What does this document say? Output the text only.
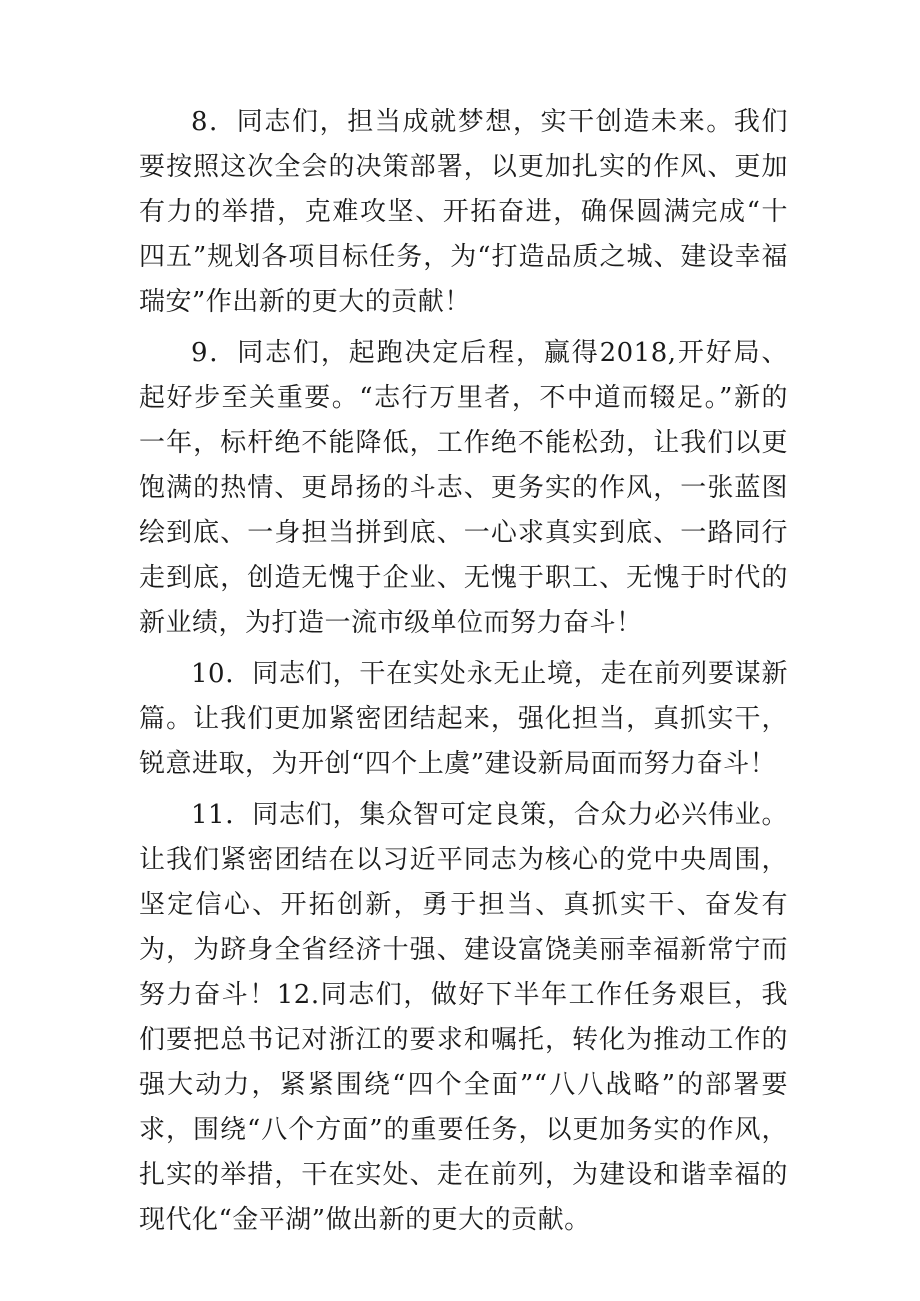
8．同志们，担当成就梦想，实干创造未来。我们要按照这次全会的决策部署，以更加扎实的作风、更加有力的举措，克难攻坚、开拓奋进，确保圆满完成“十四五”规划各项目标任务，为“打造品质之城、建设幸福瑞安”作出新的更大的贡献！

9．同志们，起跑决定后程，赢得2018,开好局、起好步至关重要。“志行万里者，不中道而辍足。”新的一年，标杆绝不能降低，工作绝不能松劲，让我们以更饱满的热情、更昂扬的斗志、更务实的作风，一张蓝图绘到底、一身担当拼到底、一心求真实到底、一路同行走到底，创造无愧于企业、无愧于职工、无愧于时代的新业绩，为打造一流市级单位而努力奋斗！

10．同志们，干在实处永无止境，走在前列要谋新篇。让我们更加紧密团结起来，强化担当，真抓实干，锐意进取，为开创“四个上虞”建设新局面而努力奋斗！

11．同志们，集众智可定良策，合众力必兴伟业。让我们紧密团结在以习近平同志为核心的党中央周围，坚定信心、开拓创新，勇于担当、真抓实干、奋发有为，为跻身全省经济十强、建设富饶美丽幸福新常宁而努力奋斗！12.同志们，做好下半年工作任务艰巨，我们要把总书记对浙江的要求和嘱托，转化为推动工作的强大动力，紧紧围绕“四个全面”“八八战略”的部署要求，围绕“八个方面”的重要任务，以更加务实的作风，扎实的举措，干在实处、走在前列，为建设和谐幸福的现代化“金平湖”做出新的更大的贡献。
